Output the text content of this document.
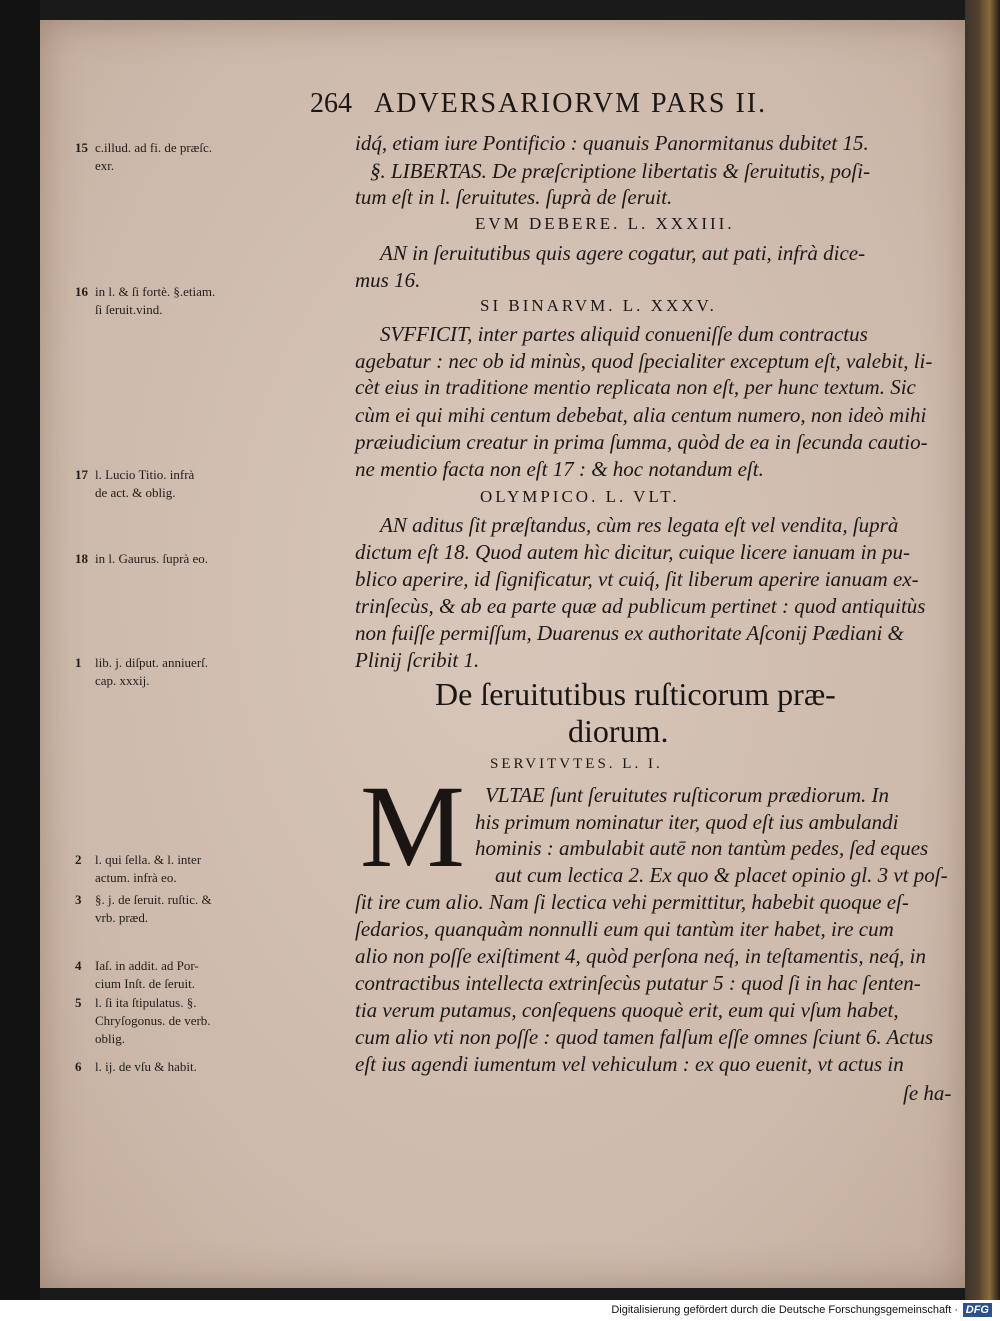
264 ADVERSARIORVM PARS II.
15 c.illud. ad fi. de præſc.
exr.
16 in l. & ſi fortè. §.etiam.
ſi ſeruit.vind.
17 l. Lucio Titio. infrà
de act. & oblig.
18 in l. Gaurus. ſuprà eo.
1 lib. j. diſput. anniuerſ.
cap. xxxij.
2 l. qui ſella. & l. inter
actum. infrà eo.
3 §. j. de ſeruit. ruſtic. &
vrb. præd.
4 Iaſ. in addit. ad Por-
cium Inſt. de ſeruit.
5 l. ſi ita ſtipulatus. §.
Chryſogonus. de verb.
oblig.
6 l. ij. de vſu & habit.
idq́, etiam iure Pontificio : quanuis Panormitanus dubitet 15.
§. LIBERTAS. De præſcriptione libertatis & ſeruitutis, poſi-
tum eſt in l. ſeruitutes. ſuprà de ſeruit.
EVM DEBERE. L. XXXIII.
AN in ſeruitutibus quis agere cogatur, aut pati, infrà dice-
mus 16.
SI BINARVM. L. XXXV.
SVFFICIT, inter partes aliquid conueniſſe dum contractus
agebatur : nec ob id minùs, quod ſpecialiter exceptum eſt, valebit, li-
cèt eius in traditione mentio replicata non eſt, per hunc textum. Sic
cùm ei qui mihi centum debebat, alia centum numero, non ideò mihi
præiudicium creatur in prima ſumma, quòd de ea in ſecunda cautio-
ne mentio facta non eſt 17 : & hoc notandum eſt.
OLYMPICO. L. VLT.
AN aditus ſit præſtandus, cùm res legata eſt vel vendita, ſuprà
dictum eſt 18. Quod autem hìc dicitur, cuique licere ianuam in pu-
blico aperire, id ſignificatur, vt cuiq́, ſit liberum aperire ianuam ex-
trinſecùs, & ab ea parte quæ ad publicum pertinet : quod antiquitùs
non fuiſſe permiſſum, Duarenus ex authoritate Aſconij Pædiani &
Plinij ſcribit 1.
De ſeruitutibus ruſticorum præ-
diorum.
SERVITVTES. L. I.
M VLTAE ſunt ſeruitutes ruſticorum prædiorum. In
his primum nominatur iter, quod eſt ius ambulandi
hominis : ambulabit autē non tantùm pedes, ſed eques
aut cum lectica 2. Ex quo & placet opinio gl. 3 vt poſ-
ſit ire cum alio. Nam ſi lectica vehi permittitur, habebit quoque eſ-
ſedarios, quanquàm nonnulli eum qui tantùm iter habet, ire cum
alio non poſſe exiſtiment 4, quòd perſona neq́, in teſtamentis, neq́, in
contractibus intellecta extrinſecùs putatur 5 : quod ſi in hac ſenten-
tia verum putamus, conſequens quoquè erit, eum qui vſum habet,
cum alio vti non poſſe : quod tamen falſum eſſe omnes ſciunt 6. Actus
eſt ius agendi iumentum vel vehiculum : ex quo euenit, vt actus in
ſe ha-
Digitalisierung gefördert durch die Deutsche Forschungsgemeinschaft · DFG
